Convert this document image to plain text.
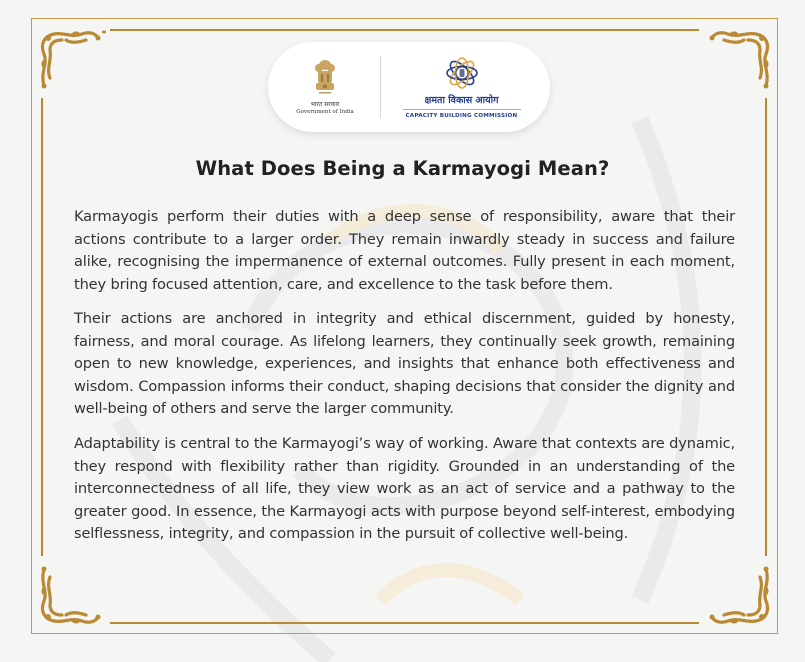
भारत सरकार
Government of India
क्षमता विकास आयोग
CAPACITY BUILDING COMMISSION
What Does Being a Karmayogi Mean?

Karmayogis perform their duties with a deep sense of responsibility, aware that their actions contribute to a larger order. They remain inwardly steady in success and failure alike, recognising the impermanence of external outcomes. Fully present in each moment, they bring focused attention, care, and excellence to the task before them.

Their actions are anchored in integrity and ethical discernment, guided by honesty, fairness, and moral courage. As lifelong learners, they continually seek growth, remaining open to new knowledge, experiences, and insights that enhance both effectiveness and wisdom. Compassion informs their conduct, shaping decisions that consider the dignity and well-being of others and serve the larger community.

Adaptability is central to the Karmayogi’s way of working. Aware that contexts are dynamic, they respond with flexibility rather than rigidity. Grounded in an understanding of the interconnectedness of all life, they view work as an act of service and a pathway to the greater good. In essence, the Karmayogi acts with purpose beyond self-interest, embodying selflessness, integrity, and compassion in the pursuit of collective well-being.
